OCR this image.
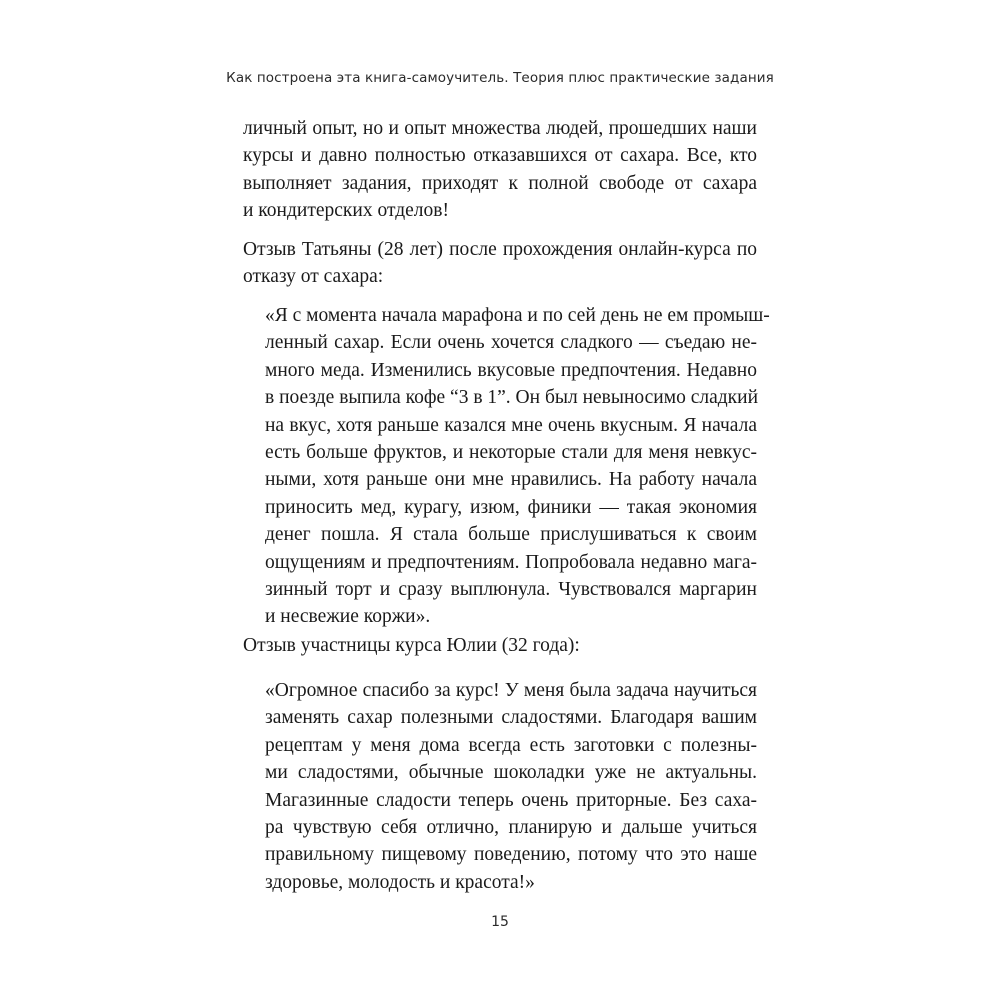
Как построена эта книга-самоучитель. Теория плюс практические задания
личный опыт, но и опыт множества людей, прошедших наши
курсы и давно полностью отказавшихся от сахара. Все, кто
выполняет задания, приходят к полной свободе от сахара
и кондитерских отделов!
Отзыв Татьяны (28 лет) после прохождения онлайн-курса по
отказу от сахара:
«Я с момента начала марафона и по сей день не ем промыш-
ленный сахар. Если очень хочется сладкого — съедаю не-
много меда. Изменились вкусовые предпочтения. Недавно
в поезде выпила кофе “3 в 1”. Он был невыносимо сладкий
на вкус, хотя раньше казался мне очень вкусным. Я начала
есть больше фруктов, и некоторые стали для меня невкус-
ными, хотя раньше они мне нравились. На работу начала
приносить мед, курагу, изюм, финики — такая экономия
денег пошла. Я стала больше прислушиваться к своим
ощущениям и предпочтениям. Попробовала недавно мага-
зинный торт и сразу выплюнула. Чувствовался маргарин
и несвежие коржи».
Отзыв участницы курса Юлии (32 года):
«Огромное спасибо за курс! У меня была задача научиться
заменять сахар полезными сладостями. Благодаря вашим
рецептам у меня дома всегда есть заготовки с полезны-
ми сладостями, обычные шоколадки уже не актуальны.
Магазинные сладости теперь очень приторные. Без саха-
ра чувствую себя отлично, планирую и дальше учиться
правильному пищевому поведению, потому что это наше
здоровье, молодость и красота!»
15
